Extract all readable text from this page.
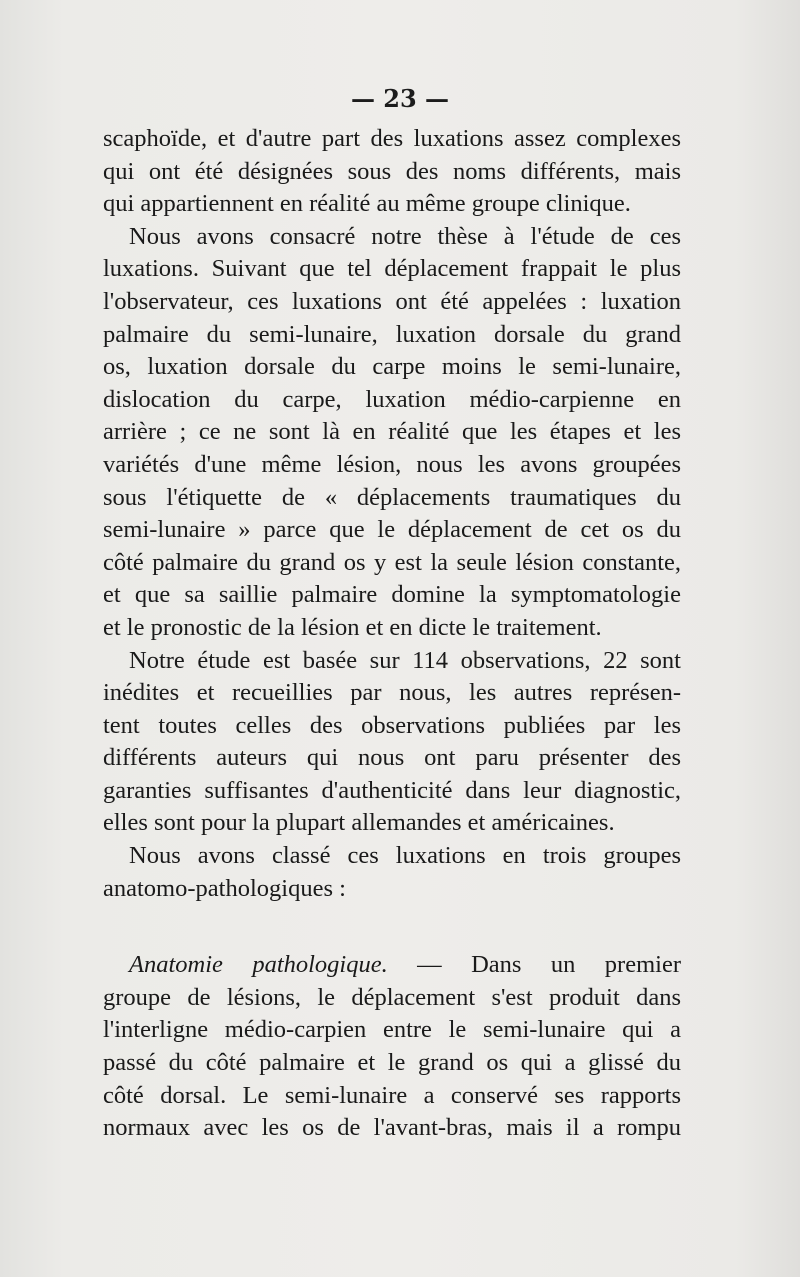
— 23 —
scaphoïde, et d'autre part des luxations assez complexes
qui ont été désignées sous des noms différents, mais
qui appartiennent en réalité au même groupe clinique.
Nous avons consacré notre thèse à l'étude de ces
luxations. Suivant que tel déplacement frappait le plus
l'observateur, ces luxations ont été appelées : luxation
palmaire du semi-lunaire, luxation dorsale du grand
os, luxation dorsale du carpe moins le semi-lunaire,
dislocation du carpe, luxation médio-carpienne en
arrière ; ce ne sont là en réalité que les étapes et les
variétés d'une même lésion, nous les avons groupées
sous l'étiquette de « déplacements traumatiques du
semi-lunaire » parce que le déplacement de cet os du
côté palmaire du grand os y est la seule lésion constante,
et que sa saillie palmaire domine la symptomatologie
et le pronostic de la lésion et en dicte le traitement.
Notre étude est basée sur 114 observations, 22 sont
inédites et recueillies par nous, les autres représen-
tent toutes celles des observations publiées par les
différents auteurs qui nous ont paru présenter des
garanties suffisantes d'authenticité dans leur diagnostic,
elles sont pour la plupart allemandes et américaines.
Nous avons classé ces luxations en trois groupes
anatomo-pathologiques :
Anatomie pathologique. — Dans un premier
groupe de lésions, le déplacement s'est produit dans
l'interligne médio-carpien entre le semi-lunaire qui a
passé du côté palmaire et le grand os qui a glissé du
côté dorsal. Le semi-lunaire a conservé ses rapports
normaux avec les os de l'avant-bras, mais il a rompu
